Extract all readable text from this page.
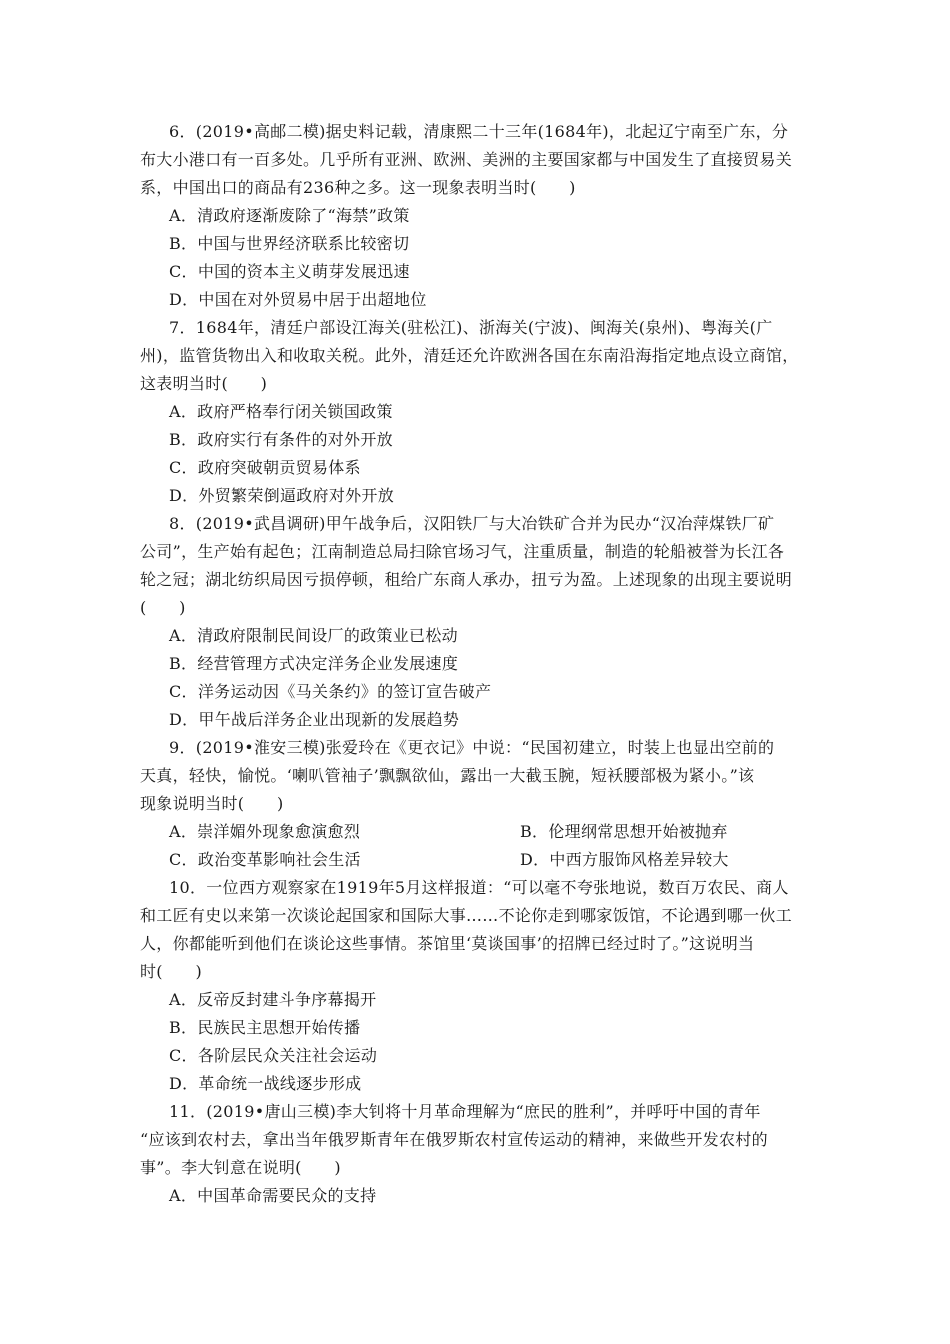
6．(2019•高邮二模)据史料记载，清康熙二十三年(1684年)，北起辽宁南至广东，分
布大小港口有一百多处。几乎所有亚洲、欧洲、美洲的主要国家都与中国发生了直接贸易关
系，中国出口的商品有236种之多。这一现象表明当时(　　)
A．清政府逐渐废除了“海禁”政策
B．中国与世界经济联系比较密切
C．中国的资本主义萌芽发展迅速
D．中国在对外贸易中居于出超地位
7．1684年，清廷户部设江海关(驻松江)、浙海关(宁波)、闽海关(泉州)、粤海关(广
州)，监管货物出入和收取关税。此外，清廷还允许欧洲各国在东南沿海指定地点设立商馆，
这表明当时(　　)
A．政府严格奉行闭关锁国政策
B．政府实行有条件的对外开放
C．政府突破朝贡贸易体系
D．外贸繁荣倒逼政府对外开放
8．(2019•武昌调研)甲午战争后，汉阳铁厂与大冶铁矿合并为民办“汉冶萍煤铁厂矿
公司”，生产始有起色；江南制造总局扫除官场习气，注重质量，制造的轮船被誉为长江各
轮之冠；湖北纺织局因亏损停顿，租给广东商人承办，扭亏为盈。上述现象的出现主要说明
(　　)
A．清政府限制民间设厂的政策业已松动
B．经营管理方式决定洋务企业发展速度
C．洋务运动因《马关条约》的签订宣告破产
D．甲午战后洋务企业出现新的发展趋势
9．(2019•淮安三模)张爱玲在《更衣记》中说：“民国初建立，时装上也显出空前的
天真，轻快，愉悦。‘喇叭管袖子’飘飘欲仙，露出一大截玉腕，短袄腰部极为紧小。”该
现象说明当时(　　)
A．崇洋媚外现象愈演愈烈	B．伦理纲常思想开始被抛弃
C．政治变革影响社会生活	D．中西方服饰风格差异较大
10．一位西方观察家在1919年5月这样报道：“可以毫不夸张地说，数百万农民、商人
和工匠有史以来第一次谈论起国家和国际大事……不论你走到哪家饭馆，不论遇到哪一伙工
人，你都能听到他们在谈论这些事情。茶馆里‘莫谈国事’的招牌已经过时了。”这说明当
时(　　)
A．反帝反封建斗争序幕揭开
B．民族民主思想开始传播
C．各阶层民众关注社会运动
D．革命统一战线逐步形成
11．(2019•唐山三模)李大钊将十月革命理解为“庶民的胜利”，并呼吁中国的青年
“应该到农村去，拿出当年俄罗斯青年在俄罗斯农村宣传运动的精神，来做些开发农村的
事”。李大钊意在说明(　　)
A．中国革命需要民众的支持
